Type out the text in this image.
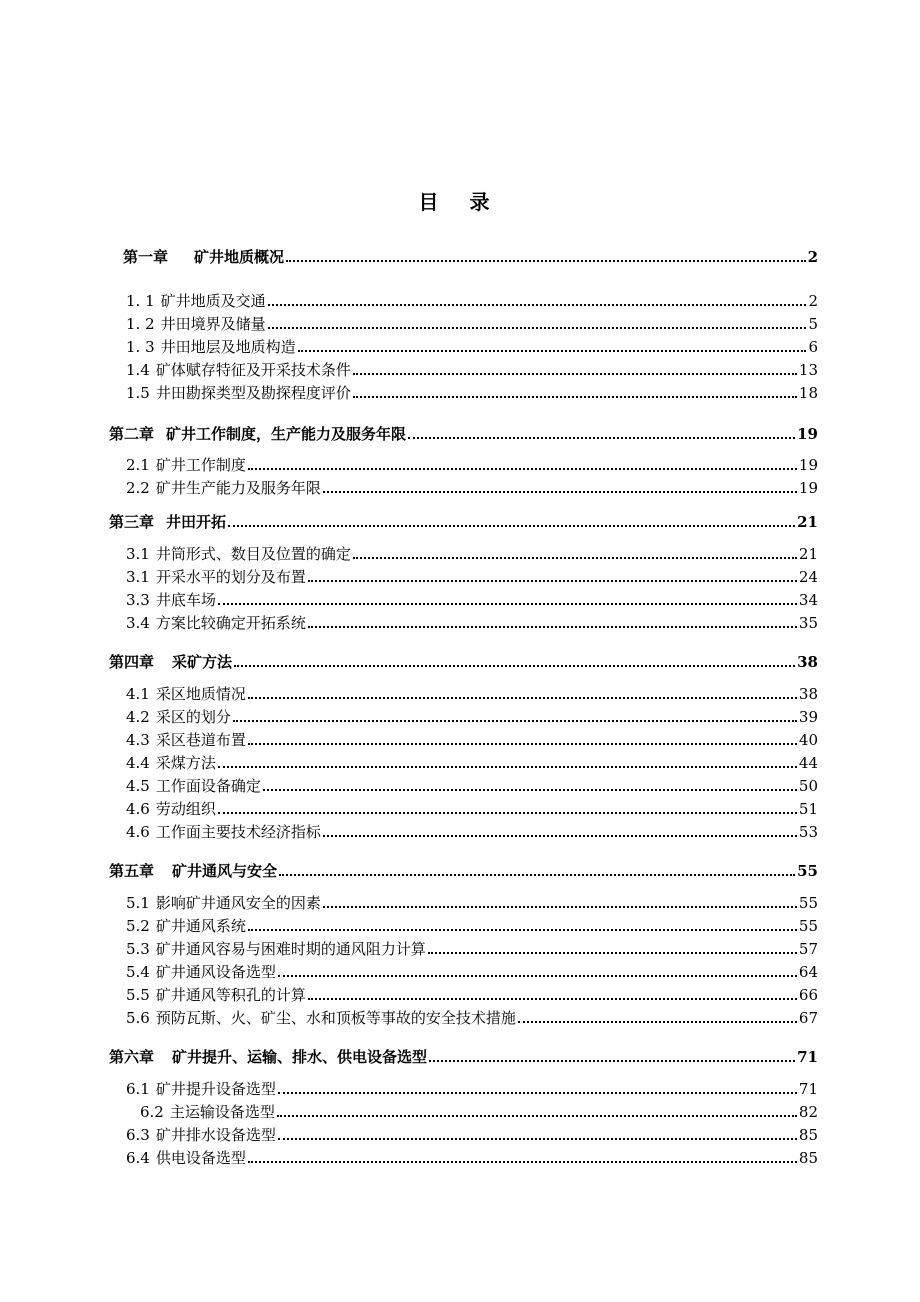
目 录
第一章 矿井地质概况	2
1. 1 矿井地质及交通	2
1. 2 井田境界及储量	5
1. 3 井田地层及地质构造	6
1.4 矿体赋存特征及开采技术条件	13
1.5 井田勘探类型及勘探程度评价	18
第二章 矿井工作制度，生产能力及服务年限	19
2.1 矿井工作制度	19
2.2 矿井生产能力及服务年限	19
第三章 井田开拓	21
3.1 井筒形式、数目及位置的确定	21
3.1 开采水平的划分及布置	24
3.3 井底车场	34
3.4 方案比较确定开拓系统	35
第四章 采矿方法	38
4.1 采区地质情况	38
4.2 采区的划分	39
4.3 采区巷道布置	40
4.4 采煤方法	44
4.5 工作面设备确定	50
4.6 劳动组织	51
4.6 工作面主要技术经济指标	53
第五章 矿井通风与安全	55
5.1 影响矿井通风安全的因素	55
5.2 矿井通风系统	55
5.3 矿井通风容易与困难时期的通风阻力计算	57
5.4 矿井通风设备选型	64
5.5 矿井通风等积孔的计算	66
5.6 预防瓦斯、火、矿尘、水和顶板等事故的安全技术措施	67
第六章 矿井提升、运输、排水、供电设备选型	71
6.1 矿井提升设备选型	71
6.2 主运输设备选型	82
6.3 矿井排水设备选型	85
6.4 供电设备选型	85
